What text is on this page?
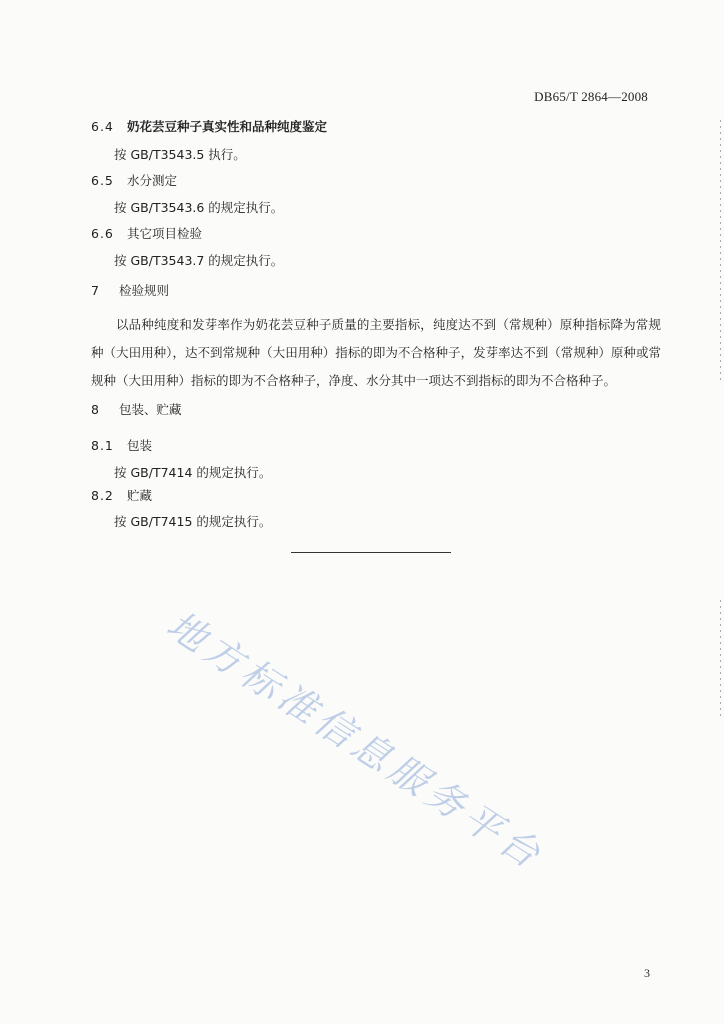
DB65/T 2864—2008
6.4 奶花芸豆种子真实性和品种纯度鉴定
按 GB/T3543.5 执行。
6.5 水分测定
按 GB/T3543.6 的规定执行。
6.6 其它项目检验
按 GB/T3543.7 的规定执行。
7 检验规则
以品种纯度和发芽率作为奶花芸豆种子质量的主要指标，纯度达不到（常规种）原种指标降为常规种（大田用种），达不到常规种（大田用种）指标的即为不合格种子，发芽率达不到（常规种）原种或常规种（大田用种）指标的即为不合格种子，净度、水分其中一项达不到指标的即为不合格种子。
8 包装、贮藏
8.1 包装
按 GB/T7414 的规定执行。
8.2 贮藏
按 GB/T7415 的规定执行。
地方标准信息服务平台
3
